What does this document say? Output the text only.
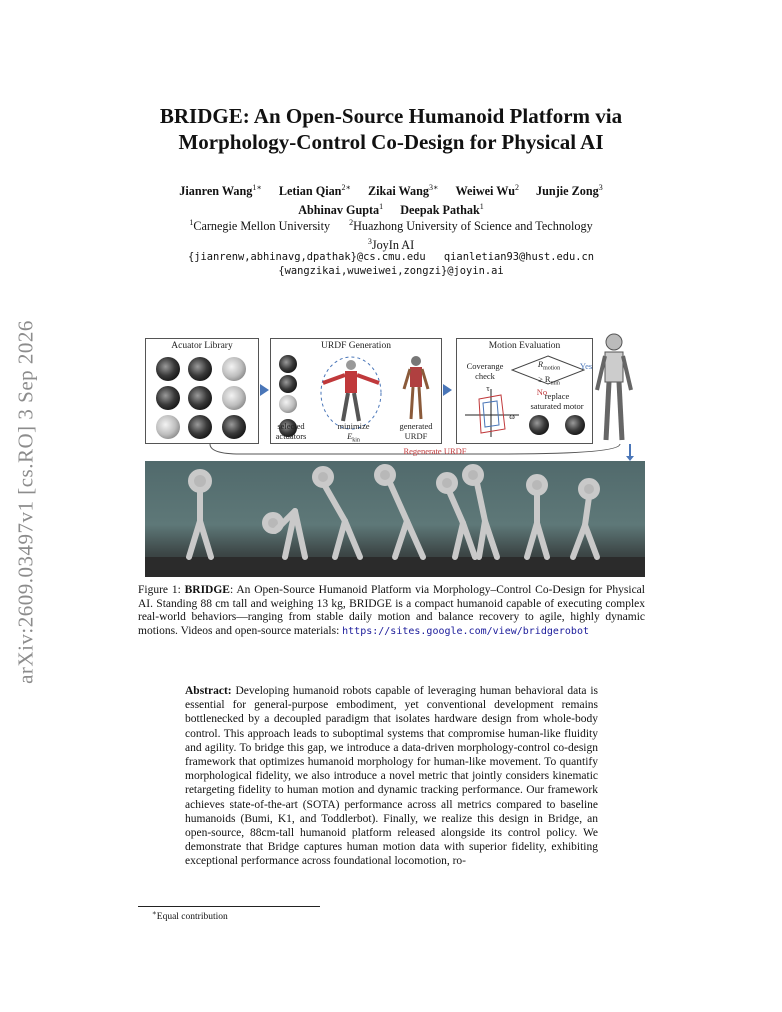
arXiv:2609.03497v1 [cs.RO] 3 Sep 2026
BRIDGE: An Open-Source Humanoid Platform via
Morphology-Control Co-Design for Physical AI
Jianren Wang$^{1∗}$ Letian Qian$^{2∗}$ Zikai Wang$^{3∗}$ Weiwei Wu$^2$ Junjie Zong$^3$
Abhinav Gupta$^1$ Deepak Pathak$^1$
$^1$Carnegie Mellon University $^2$Huazhong University of Science and Technology
$^3$JoyIn AI
{jianrenw,abhinavg,dpathak}@cs.cmu.edu qianletian93@hust.edu.cn
{wangzikai,wuweiwei,zongzi}@joyin.ai
Acuator Library	URDF Generation
selected
actuators
minimize
$E_{kin}$
generated
URDF
Motion Evaluation
Coverange
check
$R_{motion}$
≥ $R_{min}$
Yes
No
τ
ω
replace
saturated motor
Regenerate URDF
Figure 1: BRIDGE: An Open-Source Humanoid Platform via Morphology–Control Co-Design for Physical AI. Standing 88 cm tall and weighing 13 kg, BRIDGE is a compact humanoid capable of executing complex real-world behaviors—ranging from stable daily motion and balance recovery to agile, highly dynamic motions. Videos and open-source materials: https://sites.google.com/view/bridgerobot
Abstract: Developing humanoid robots capable of leveraging human behavioral data is essential for general-purpose embodiment, yet conventional development remains bottlenecked by a decoupled paradigm that isolates hardware design from whole-body control. This approach leads to suboptimal systems that compromise human-like fluidity and agility. To bridge this gap, we introduce a data-driven morphology-control co-design framework that optimizes humanoid morphology for human-like movement. To quantify morphological fidelity, we also introduce a novel metric that jointly considers kinematic retargeting fidelity to human motion and dynamic tracking performance. Our framework achieves state-of-the-art (SOTA) performance across all metrics compared to baseline humanoids (Bumi, K1, and Toddlerbot). Finally, we realize this design in Bridge, an open-source, 88cm-tall humanoid platform released alongside its control policy. We demonstrate that Bridge captures human motion data with superior fidelity, exhibiting exceptional performance across foundational locomotion, ro-
∗Equal contribution
